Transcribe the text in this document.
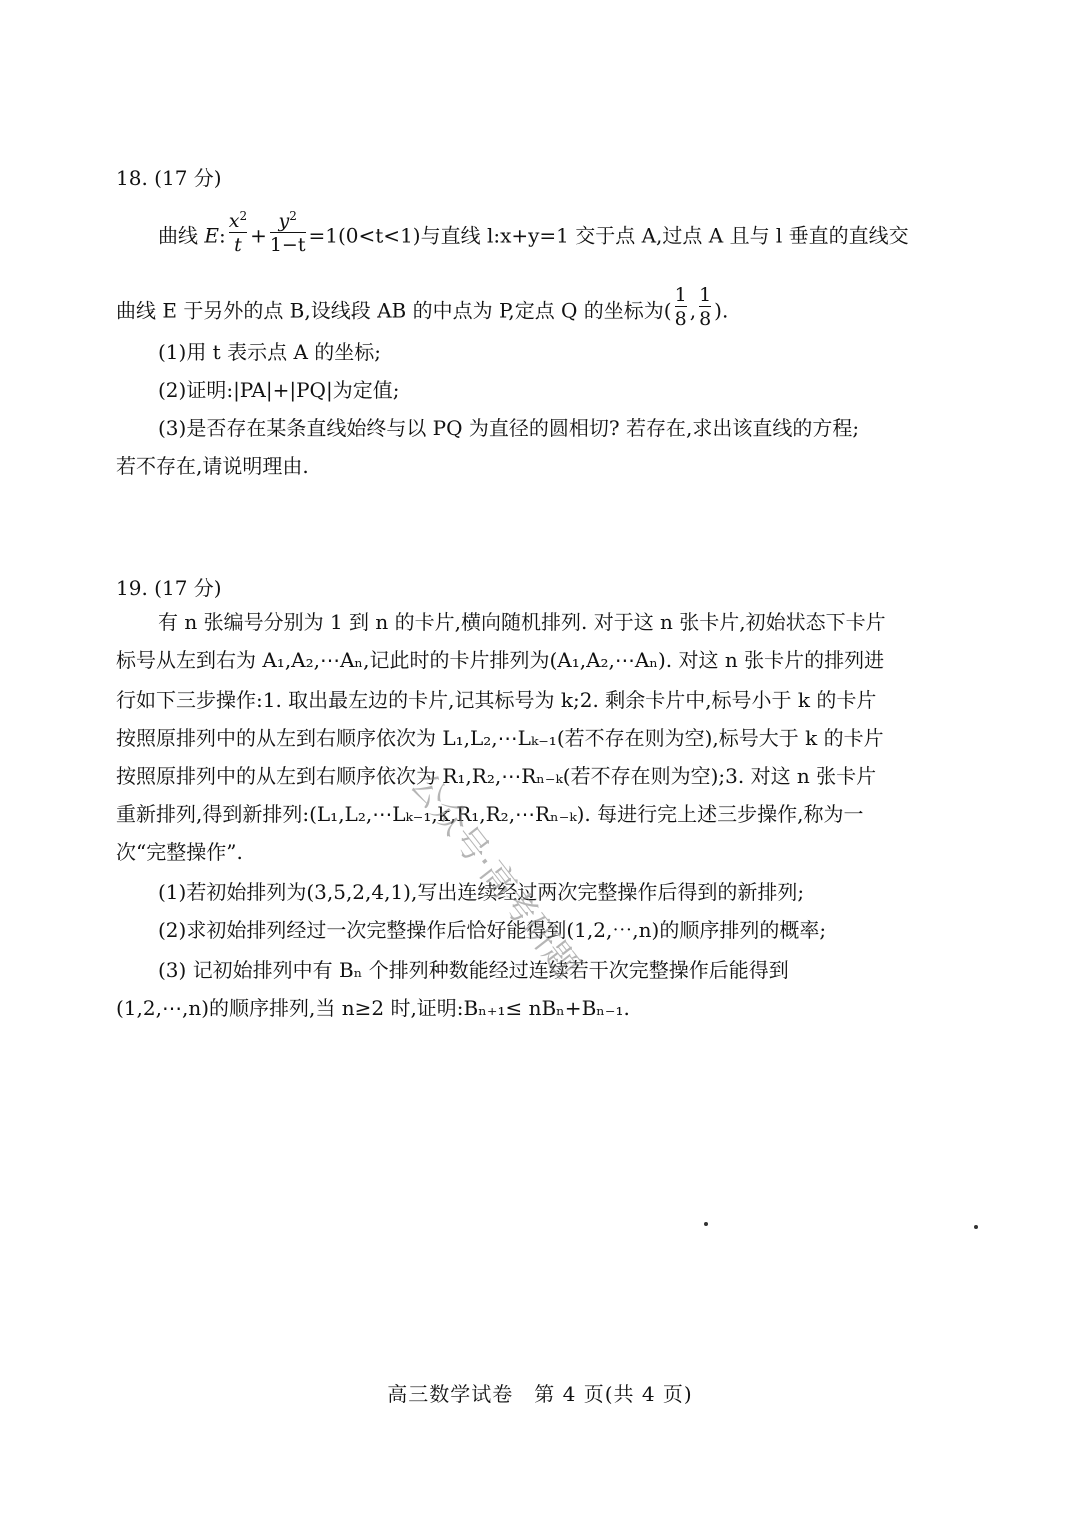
18. (17 分)
曲线 E: $\frac{x^2}{t} + \frac{y^2}{1-t} =1(0<t<1)$与直线 l:x+y=1 交于点 A,过点 A 且与 l 垂直的直线交
曲线 E 于另外的点 B,设线段 AB 的中点为 P,定点 Q 的坐标为( $\frac{1}{8}$ , $\frac{1}{8}$ ).
(1)用 t 表示点 A 的坐标;
(2)证明:|PA|+|PQ|为定值;
(3)是否存在某条直线始终与以 PQ 为直径的圆相切? 若存在,求出该直线的方程;
若不存在,请说明理由.
19. (17 分)
有 n 张编号分别为 1 到 n 的卡片,横向随机排列. 对于这 n 张卡片,初始状态下卡片
标号从左到右为 A₁,A₂,⋯Aₙ,记此时的卡片排列为(A₁,A₂,⋯Aₙ). 对这 n 张卡片的排列进
行如下三步操作:1. 取出最左边的卡片,记其标号为 k;2. 剩余卡片中,标号小于 k 的卡片
按照原排列中的从左到右顺序依次为 L₁,L₂,⋯Lₖ₋₁(若不存在则为空),标号大于 k 的卡片
按照原排列中的从左到右顺序依次为 R₁,R₂,⋯Rₙ₋ₖ(若不存在则为空);3. 对这 n 张卡片
重新排列,得到新排列:(L₁,L₂,⋯Lₖ₋₁,k,R₁,R₂,⋯Rₙ₋ₖ). 每进行完上述三步操作,称为一
次“完整操作”.
(1)若初始排列为(3,5,2,4,1),写出连续经过两次完整操作后得到的新排列;
(2)求初始排列经过一次完整操作后恰好能得到(1,2,⋯,n)的顺序排列的概率;
(3) 记初始排列中有 Bₙ 个排列种数能经过连续若干次完整操作后能得到
(1,2,⋯,n)的顺序排列,当 n≥2 时,证明:Bₙ₊₁≤ nBₙ+Bₙ₋₁.
公众号·高考研题
高三数学试卷　第 4 页(共 4 页)
